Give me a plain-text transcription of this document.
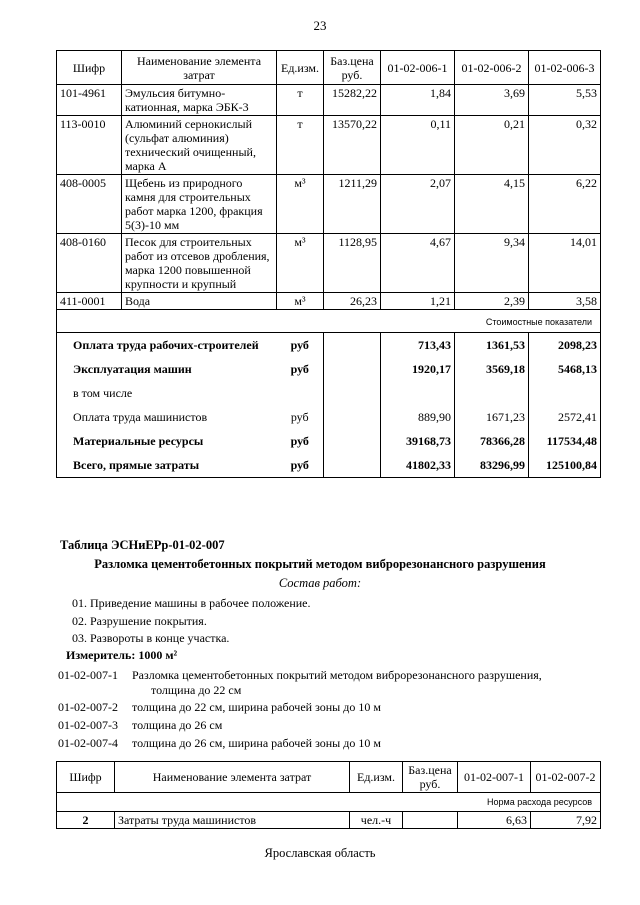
23
Шифр	Наименование элемента затрат	Ед.изм.	Баз.цена руб.	01-02-006-1	01-02-006-2	01-02-006-3
101-4961	Эмульсия битумно-катионная, марка ЭБК-3	т	15282,22	1,84	3,69	5,53
113-0010	Алюминий сернокислый (сульфат алюминия) технический очищенный, марка А	т	13570,22	0,11	0,21	0,32
408-0005	Щебень из природного камня для строительных работ марка 1200, фракция 5(3)-10 мм	м³	1211,29	2,07	4,15	6,22
408-0160	Песок для строительных работ из отсевов дробления, марка 1200 повышенной крупности и крупный	м³	1128,95	4,67	9,34	14,01
411-0001	Вода	м³	26,23	1,21	2,39	3,58
Стоимостные показатели						
Оплата труда рабочих-строителей		руб		713,43	1361,53	2098,23
Эксплуатация машин		руб		1920,17	3569,18	5468,13
в том числе						
Оплата труда машинистов		руб		889,90	1671,23	2572,41
Материальные ресурсы		руб		39168,73	78366,28	117534,48
Всего, прямые затраты		руб		41802,33	83296,99	125100,84
Таблица ЭСНиЕРр-01-02-007
Разломка цементобетонных покрытий методом виброрезонансного разрушения
Состав работ:
01. Приведение машины в рабочее положение.
02. Разрушение покрытия.
03. Развороты в конце участка.
Измеритель: 1000 м²
01-02-007-1 Разломка цементобетонных покрытий методом виброрезонансного разрушения,
толщина до 22 см
01-02-007-2 толщина до 22 см, ширина рабочей зоны до 10 м
01-02-007-3 толщина до 26 см
01-02-007-4 толщина до 26 см, ширина рабочей зоны до 10 м
Шифр	Наименование элемента затрат	Ед.изм.	Баз.цена руб.	01-02-007-1	01-02-007-2
Норма расхода ресурсов					
2	Затраты труда машинистов	чел.-ч		6,63	7,92
Ярославская область
